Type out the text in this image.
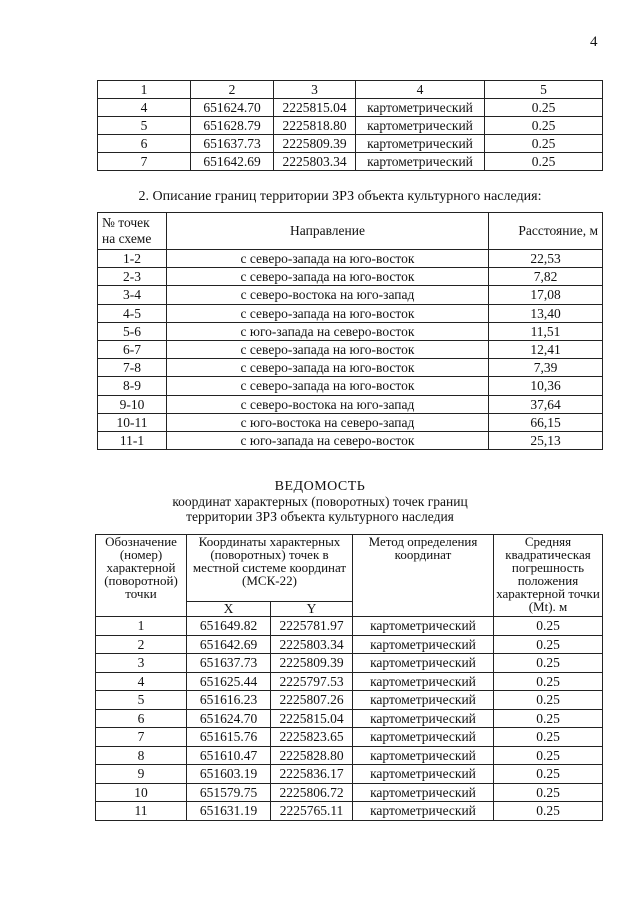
4
1	2	3	4	5
4	651624.70	2225815.04	картометрический	0.25
5	651628.79	2225818.80	картометрический	0.25
6	651637.73	2225809.39	картометрический	0.25
7	651642.69	2225803.34	картометрический	0.25
2. Описание границ территории ЗРЗ объекта культурного наследия:
№ точек на схеме	Направление	Расстояние, м
1-2	с северо-запада на юго-восток	22,53
2-3	с северо-запада на юго-восток	7,82
3-4	с северо-востока на юго-запад	17,08
4-5	с северо-запада на юго-восток	13,40
5-6	с юго-запада на северо-восток	11,51
6-7	с северо-запада на юго-восток	12,41
7-8	с северо-запада на юго-восток	7,39
8-9	с северо-запада на юго-восток	10,36
9-10	с северо-востока на юго-запад	37,64
10-11	с юго-востока на северо-запад	66,15
11-1	с юго-запада на северо-восток	25,13
ВЕДОМОСТЬ
координат характерных (поворотных) точек границ
территории ЗРЗ объекта культурного наследия
Обозначение (номер) характерной (поворотной) точки	Координаты характерных (поворотных) точек в местной системе координат (МСК-22)		Метод определения координат	Средняя квадратическая погрешность положения характерной точки (Mt). м
	X	Y		
1	651649.82	2225781.97	картометрический	0.25
2	651642.69	2225803.34	картометрический	0.25
3	651637.73	2225809.39	картометрический	0.25
4	651625.44	2225797.53	картометрический	0.25
5	651616.23	2225807.26	картометрический	0.25
6	651624.70	2225815.04	картометрический	0.25
7	651615.76	2225823.65	картометрический	0.25
8	651610.47	2225828.80	картометрический	0.25
9	651603.19	2225836.17	картометрический	0.25
10	651579.75	2225806.72	картометрический	0.25
11	651631.19	2225765.11	картометрический	0.25
